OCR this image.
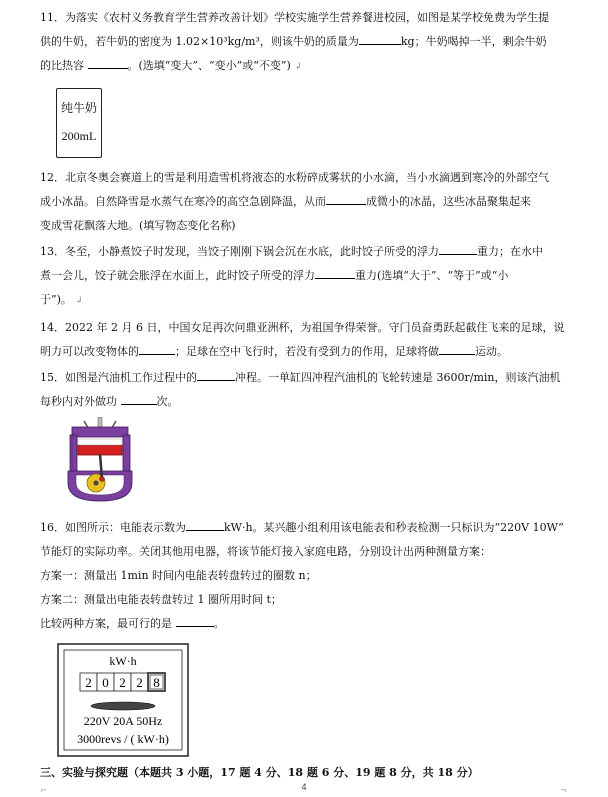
11．为落实《农村义务教育学生营养改善计划》学校实施学生营养餐进校园，如图是某学校免费为学生提
供的牛奶，若牛奶的密度为 1.02×10³kg/m³，则该牛奶的质量为	kg；牛奶喝掉一半，剩余牛奶
的比热容	。(选填“变大”、“变小”或“不变”) ↲
纯牛奶
200mL
12．北京冬奥会赛道上的雪是利用造雪机将液态的水粉碎成雾状的小水滴，当小水滴遇到寒冷的外部空气
成小冰晶。自然降雪是水蒸气在寒冷的高空急剧降温，从而	成微小的冰晶，这些冰晶聚集起来
变成雪花飘落大地。(填写物态变化名称)
13．冬至，小静煮饺子时发现，当饺子刚刚下锅会沉在水底，此时饺子所受的浮力	重力；在水中
煮一会儿，饺子就会胀浮在水面上，此时饺子所受的浮力	重力(选填“大于”、“等于”或“小
于”)。 ↲
14．2022 年 2 月 6 日，中国女足再次问鼎亚洲杯，为祖国争得荣誉。守门员奋勇跃起截住飞来的足球，说
明力可以改变物体的	；足球在空中飞行时，若没有受到力的作用，足球将做	运动。
15．如图是汽油机工作过程中的	冲程。一单缸四冲程汽油机的飞轮转速是 3600r/min，则该汽油机
每秒内对外做功	次。
16．如图所示：电能表示数为	kW·h。某兴趣小组利用该电能表和秒表检测一只标识为“220V 10W”
节能灯的实际功率。关闭其他用电器，将该节能灯接入家庭电路，分别设计出两种测量方案：
方案一：测量出 1min 时间内电能表转盘转过的圈数 n；
方案二：测量出电能表转盘转过 1 圈所用时间 t；
比较两种方案，最可行的是	。
kW·h
2 0 2 2 8
220V 20A 50Hz
3000revs / ( kW·h)
三、实验与探究题（本题共 3 小题，17 题 4 分、18 题 6 分、19 题 8 分，共 18 分）
⌐	¬
4
